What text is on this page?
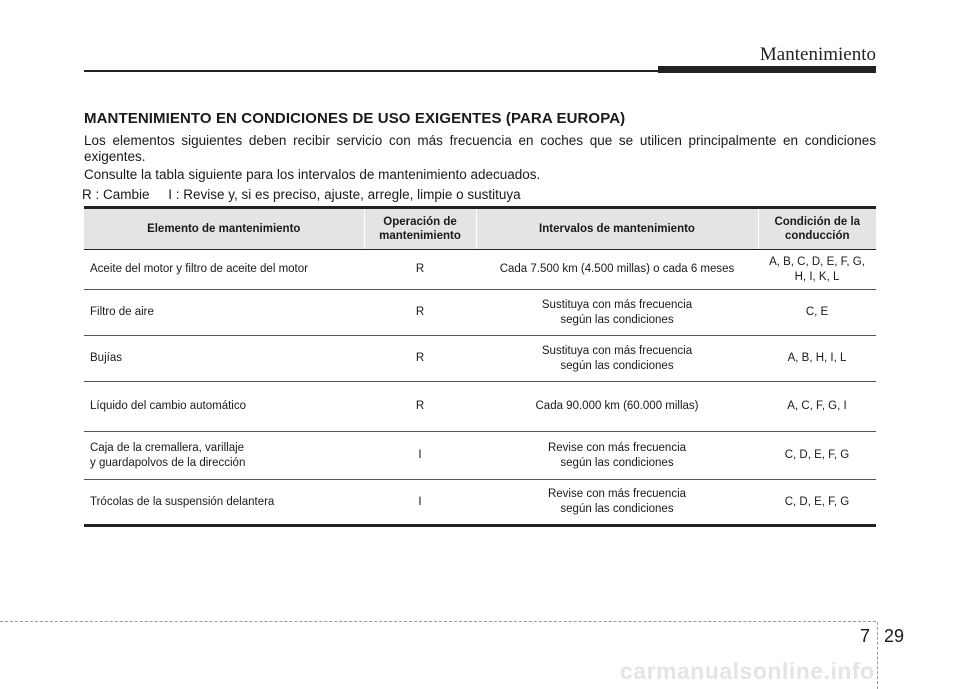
Mantenimiento
MANTENIMIENTO EN CONDICIONES DE USO EXIGENTES (PARA EUROPA)

Los elementos siguientes deben recibir servicio con más frecuencia en coches que se utilicen principalmente en condiciones exigentes.

Consulte la tabla siguiente para los intervalos de mantenimiento adecuados.

R : Cambie     I : Revise y, si es preciso, ajuste, arregle, limpie o sustituya
Elemento de mantenimiento	Operación de
mantenimiento	Intervalos de mantenimiento	Condición de la
conducción

Aceite del motor y filtro de aceite del motor	R	Cada 7.500 km (4.500 millas) o cada 6 meses	A, B, C, D, E, F, G,
H, I, K, L

Filtro de aire	R	Sustituya con más frecuencia
según las condiciones	C, E

Bujías	R	Sustituya con más frecuencia
según las condiciones	A, B, H, I, L

Líquido del cambio automático	R	Cada 90.000 km (60.000 millas)	A, C, F, G, I

Caja de la cremallera, varillaje
y guardapolvos de la dirección	I	Revise con más frecuencia
según las condiciones	C, D, E, F, G

Trócolas de la suspensión delantera	I	Revise con más frecuencia
según las condiciones	C, D, E, F, G
7 29
carmanualsonline.info
